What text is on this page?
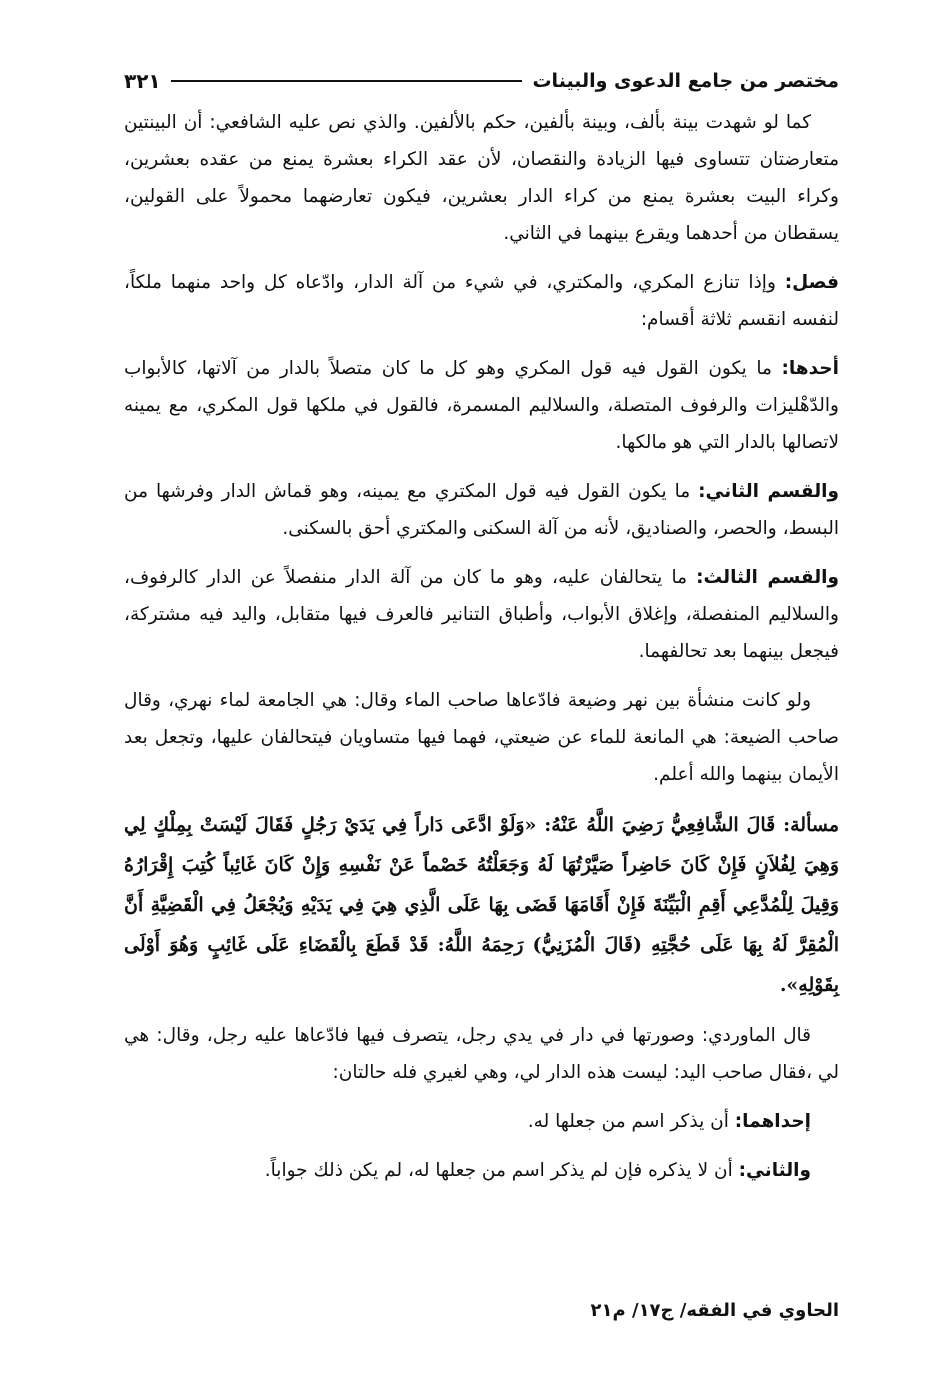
مختصر من جامع الدعوى والبينات
٣٢١

كما لو شهدت بينة بألف، وبينة بألفين، حكم بالألفين. والذي نص عليه الشافعي: أن البينتين متعارضتان تتساوى فيها الزيادة والنقصان، لأن عقد الكراء بعشرة يمنع من عقده بعشرين، وكراء البيت بعشرة يمنع من كراء الدار بعشرين، فيكون تعارضهما محمولاً على القولين، يسقطان من أحدهما ويقرع بينهما في الثاني.

فصل: وإذا تنازع المكري، والمكتري، في شيء من آلة الدار، وادّعاه كل واحد منهما ملكاً، لنفسه انقسم ثلاثة أقسام:

أحدها: ما يكون القول فيه قول المكري وهو كل ما كان متصلاً بالدار من آلاتها، كالأبواب والدّهْليزات والرفوف المتصلة، والسلاليم المسمرة، فالقول في ملكها قول المكري، مع يمينه لاتصالها بالدار التي هو مالكها.

والقسم الثاني: ما يكون القول فيه قول المكتري مع يمينه، وهو قماش الدار وفرشها من البسط، والحصر، والصناديق، لأنه من آلة السكنى والمكتري أحق بالسكنى.

والقسم الثالث: ما يتحالفان عليه، وهو ما كان من آلة الدار منفصلاً عن الدار كالرفوف، والسلاليم المنفصلة، وإغلاق الأبواب، وأطباق التنانير فالعرف فيها متقابل، واليد فيه مشتركة، فيجعل بينهما بعد تحالفهما.

ولو كانت منشأة بين نهر وضيعة فادّعاها صاحب الماء وقال: هي الجامعة لماء نهري، وقال صاحب الضيعة: هي المانعة للماء عن ضيعتي، فهما فيها متساويان فيتحالفان عليها، وتجعل بعد الأيمان بينهما والله أعلم.

مسألة: قَالَ الشَّافِعِيُّ رَضِيَ اللَّهُ عَنْهُ: «وَلَوْ ادَّعَى دَاراً فِي يَدَيْ رَجُلٍ فَقَالَ لَيْسَتْ بِمِلْكٍ لِي وَهِيَ لِفُلاَنٍ فَإِنْ كَانَ حَاضِراً صَيَّرْتُهَا لَهُ وَجَعَلْتُهُ خَصْماً عَنْ نَفْسِهِ وَإِنْ كَانَ غَائِباً كُتِبَ إِقْرَارُهُ وَقِيلَ لِلْمُدَّعِي أَقِمِ الْبَيِّنَةَ فَإِنْ أَقَامَهَا قَضَى بِهَا عَلَى الَّذِي هِيَ فِي يَدَيْهِ وَيُجْعَلُ فِي الْقَضِيَّةِ أَنَّ الْمُقِرَّ لَهُ بِهَا عَلَى حُجَّتِهِ (قَالَ الْمُزَنِيُّ) رَحِمَهُ اللَّهُ: قَدْ قَطَعَ بِالْقَضَاءِ عَلَى غَائِبٍ وَهُوَ أَوْلَى بِقَوْلِهِ».

قال الماوردي: وصورتها في دار في يدي رجل، يتصرف فيها فادّعاها عليه رجل، وقال: هي لي ،فقال صاحب اليد: ليست هذه الدار لي، وهي لغيري فله حالتان:

إحداهما: أن يذكر اسم من جعلها له.

والثاني: أن لا يذكره فإن لم يذكر اسم من جعلها له، لم يكن ذلك جواباً.

الحاوي في الفقه/ ج١٧/ م٢١
